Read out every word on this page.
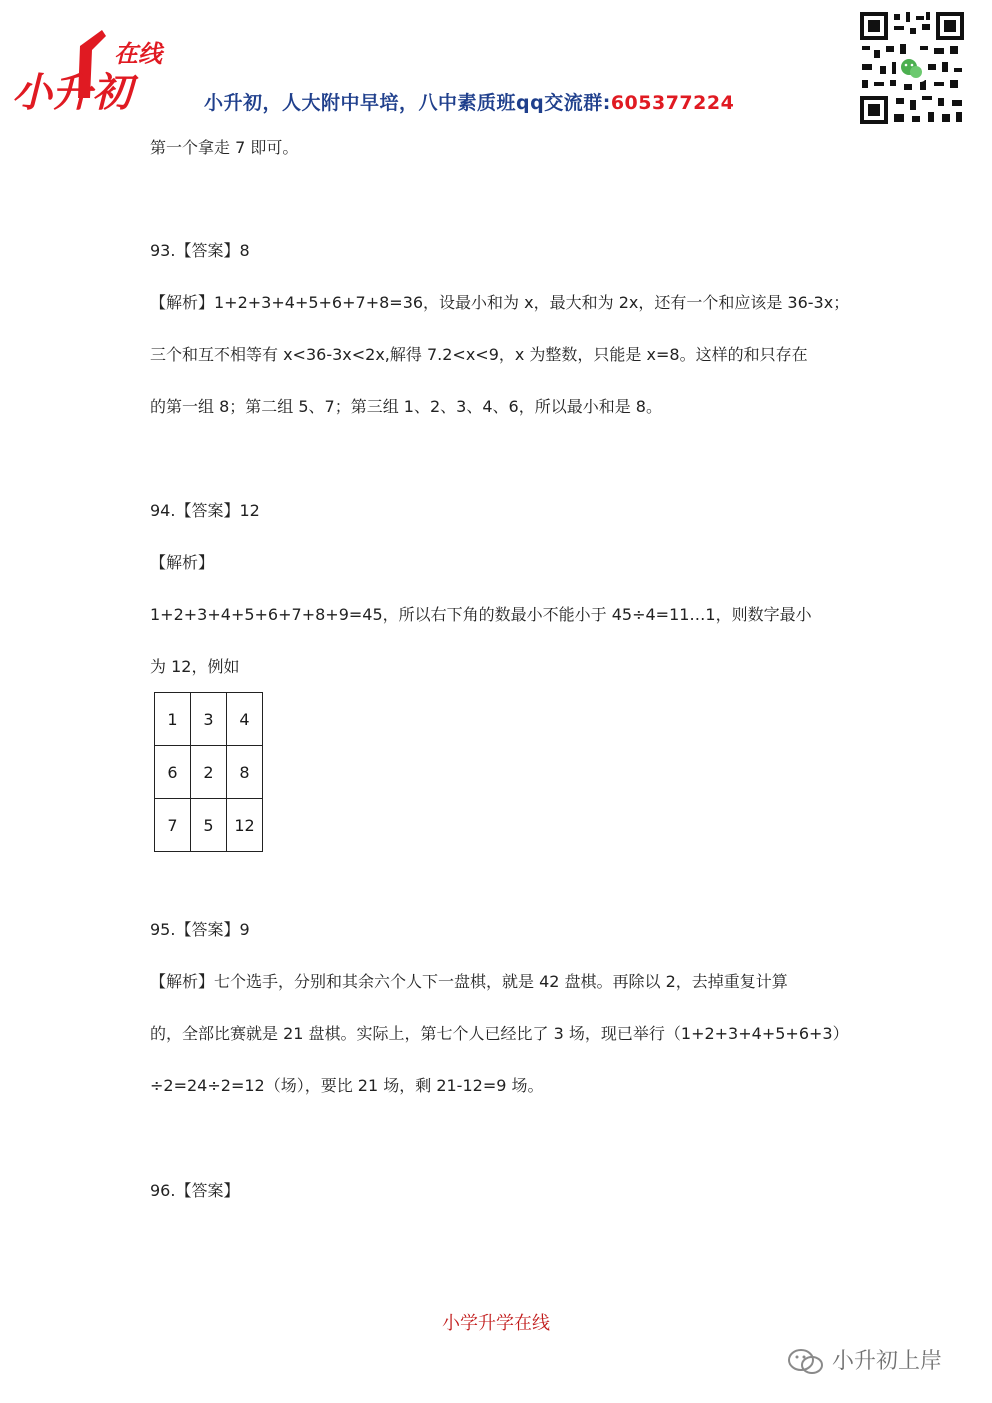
小升初
在线
小升初，人大附中早培，八中素质班qq交流群:605377224
第一个拿走 7 即可。
93.【答案】8
【解析】1+2+3+4+5+6+7+8=36，设最小和为 x，最大和为 2x，还有一个和应该是 36-3x；
三个和互不相等有 x<36-3x<2x,解得 7.2<x<9，x 为整数，只能是 x=8。这样的和只存在
的第一组 8；第二组 5、7；第三组 1、2、3、4、6，所以最小和是 8。
94.【答案】12
【解析】
1+2+3+4+5+6+7+8+9=45，所以右下角的数最小不能小于 45÷4=11…1，则数字最小
为 12，例如
1	3	4
6	2	8
7	5	12
95.【答案】9
【解析】七个选手，分别和其余六个人下一盘棋，就是 42 盘棋。再除以 2，去掉重复计算
的，全部比赛就是 21 盘棋。实际上，第七个人已经比了 3 场，现已举行（1+2+3+4+5+6+3）
÷2=24÷2=12（场），要比 21 场，剩 21-12=9 场。
96.【答案】
小学升学在线
小升初上岸
